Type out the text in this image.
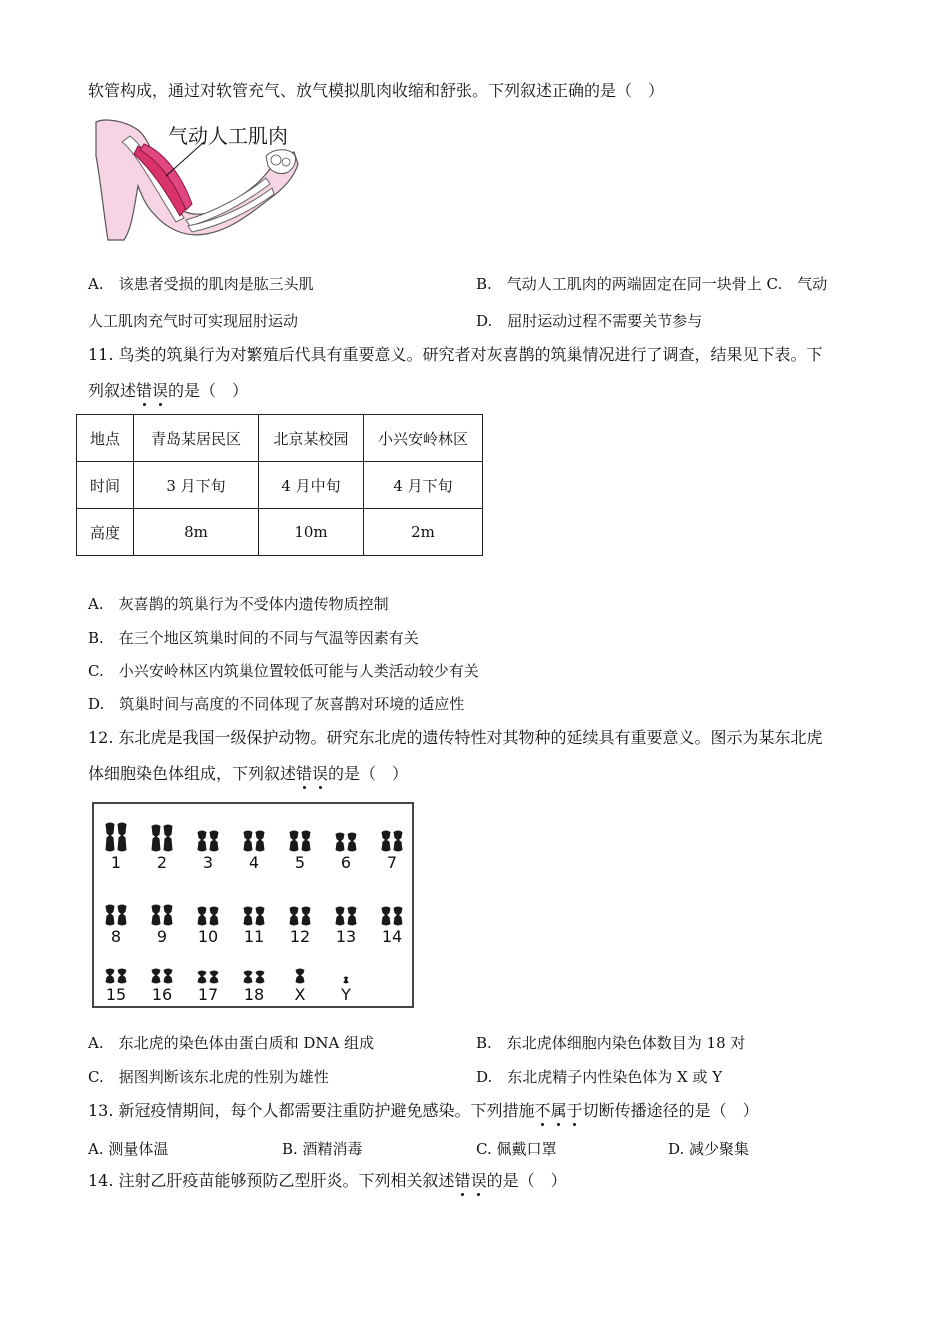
软管构成，通过对软管充气、放气模拟肌肉收缩和舒张。下列叙述正确的是（　）
气动人工肌肉
A.　该患者受损的肌肉是肱三头肌	B.　气动人工肌肉的两端固定在同一块骨上 C.　气动
人工肌肉充气时可实现屈肘运动	D.　屈肘运动过程不需要关节参与
11. 鸟类的筑巢行为对繁殖后代具有重要意义。研究者对灰喜鹊的筑巢情况进行了调查，结果见下表。下
列叙述错误的是（　）
地点	青岛某居民区	北京某校园	小兴安岭林区
时间	3 月下旬	4 月中旬	4 月下旬
高度	8m	10m	2m
A.　灰喜鹊的筑巢行为不受体内遗传物质控制
B.　在三个地区筑巢时间的不同与气温等因素有关
C.　小兴安岭林区内筑巢位置较低可能与人类活动较少有关
D.　筑巢时间与高度的不同体现了灰喜鹊对环境的适应性
12. 东北虎是我国一级保护动物。研究东北虎的遗传特性对其物种的延续具有重要意义。图示为某东北虎
体细胞染色体组成，下列叙述错误的是（　）
1	2	3	4	5	6	7
8	9	10	11	12	13	14
15	16	17	18	X	Y
A.　东北虎的染色体由蛋白质和 DNA 组成	B.　东北虎体细胞内染色体数目为 18 对
C.　据图判断该东北虎的性别为雄性	D.　东北虎精子内性染色体为 X 或 Y
13. 新冠疫情期间，每个人都需要注重防护避免感染。下列措施不属于切断传播途径的是（　）
A. 测量体温	B. 酒精消毒	C. 佩戴口罩	D. 减少聚集
14. 注射乙肝疫苗能够预防乙型肝炎。下列相关叙述错误的是（　）
